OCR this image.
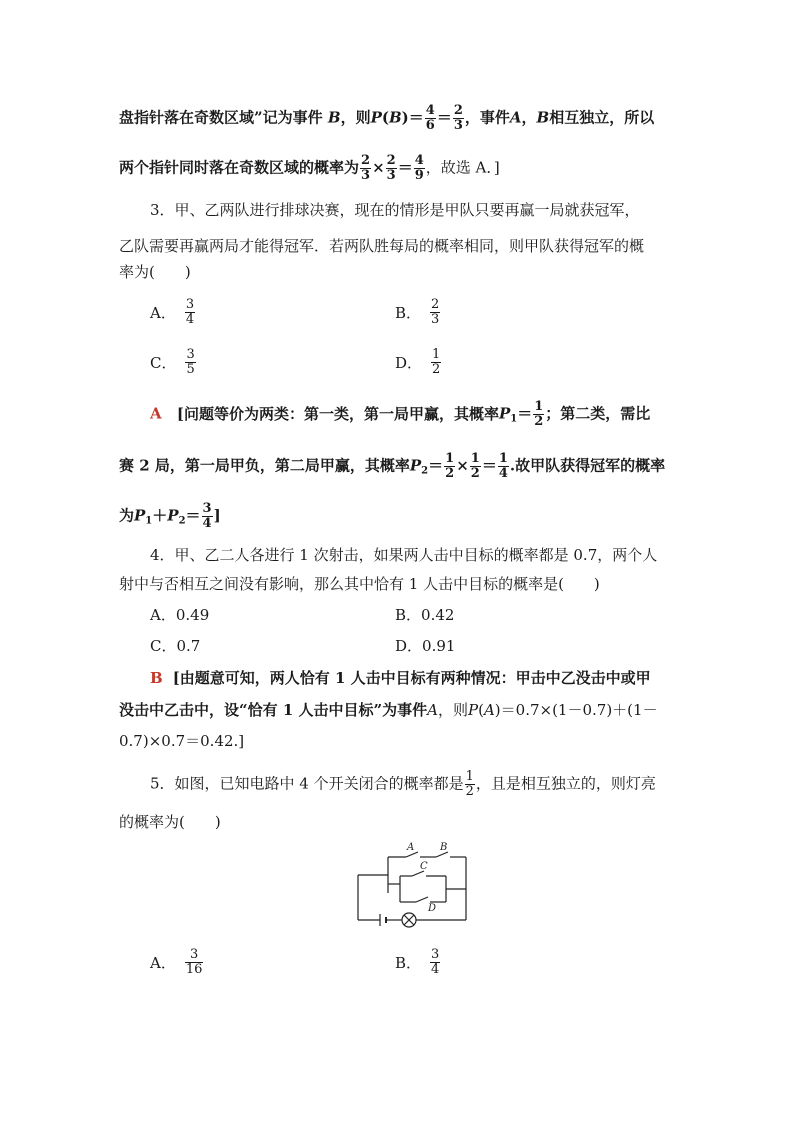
盘指针落在奇数区域”记为事件 B，则$P(B)= \frac{4}{6} = \frac{2}{3}$ ，事件A，B相互独立，所以
两个指针同时落在奇数区域的概率为 $\frac{2}{3} \times \frac{2}{3} = \frac{4}{9}$ ，故选 A．]
3．甲、乙两队进行排球决赛，现在的情形是甲队只要再赢一局就获冠军，
乙队需要再赢两局才能得冠军．若两队胜每局的概率相同，则甲队获得冠军的概
率为(　　)
A． $\frac{3}{4}$	B． $\frac{2}{3}$
C． $\frac{3}{5}$	D． $\frac{1}{2}$
A [问题等价为两类：第一类，第一局甲赢，其概率$P_1= \frac{1}{2}$ ；第二类，需比
赛 2 局，第一局甲负，第二局甲赢，其概率$P_2= \frac{1}{2} \times \frac{1}{2} = \frac{1}{4}$ .故甲队获得冠军的概率
为$P_1+P_2= \frac{3}{4}$ ]
4．甲、乙二人各进行 1 次射击，如果两人击中目标的概率都是 0.7，两个人
射中与否相互之间没有影响，那么其中恰有 1 人击中目标的概率是(　　)
A．0.49	B．0.42
C．0.7	D．0.91
B [由题意可知，两人恰有 1 人击中目标有两种情况：甲击中乙没击中或甲
没击中乙击中，设“恰有 1 人击中目标”为事件A，则P(A)＝0.7×(1－0.7)＋(1－
0.7)×0.7＝0.42.]
5．如图，已知电路中 4 个开关闭合的概率都是 $\frac{1}{2}$ ，且是相互独立的，则灯亮
的概率为(　　)
A	B
C
D
A． $\frac{3}{16}$	B． $\frac{3}{4}$
